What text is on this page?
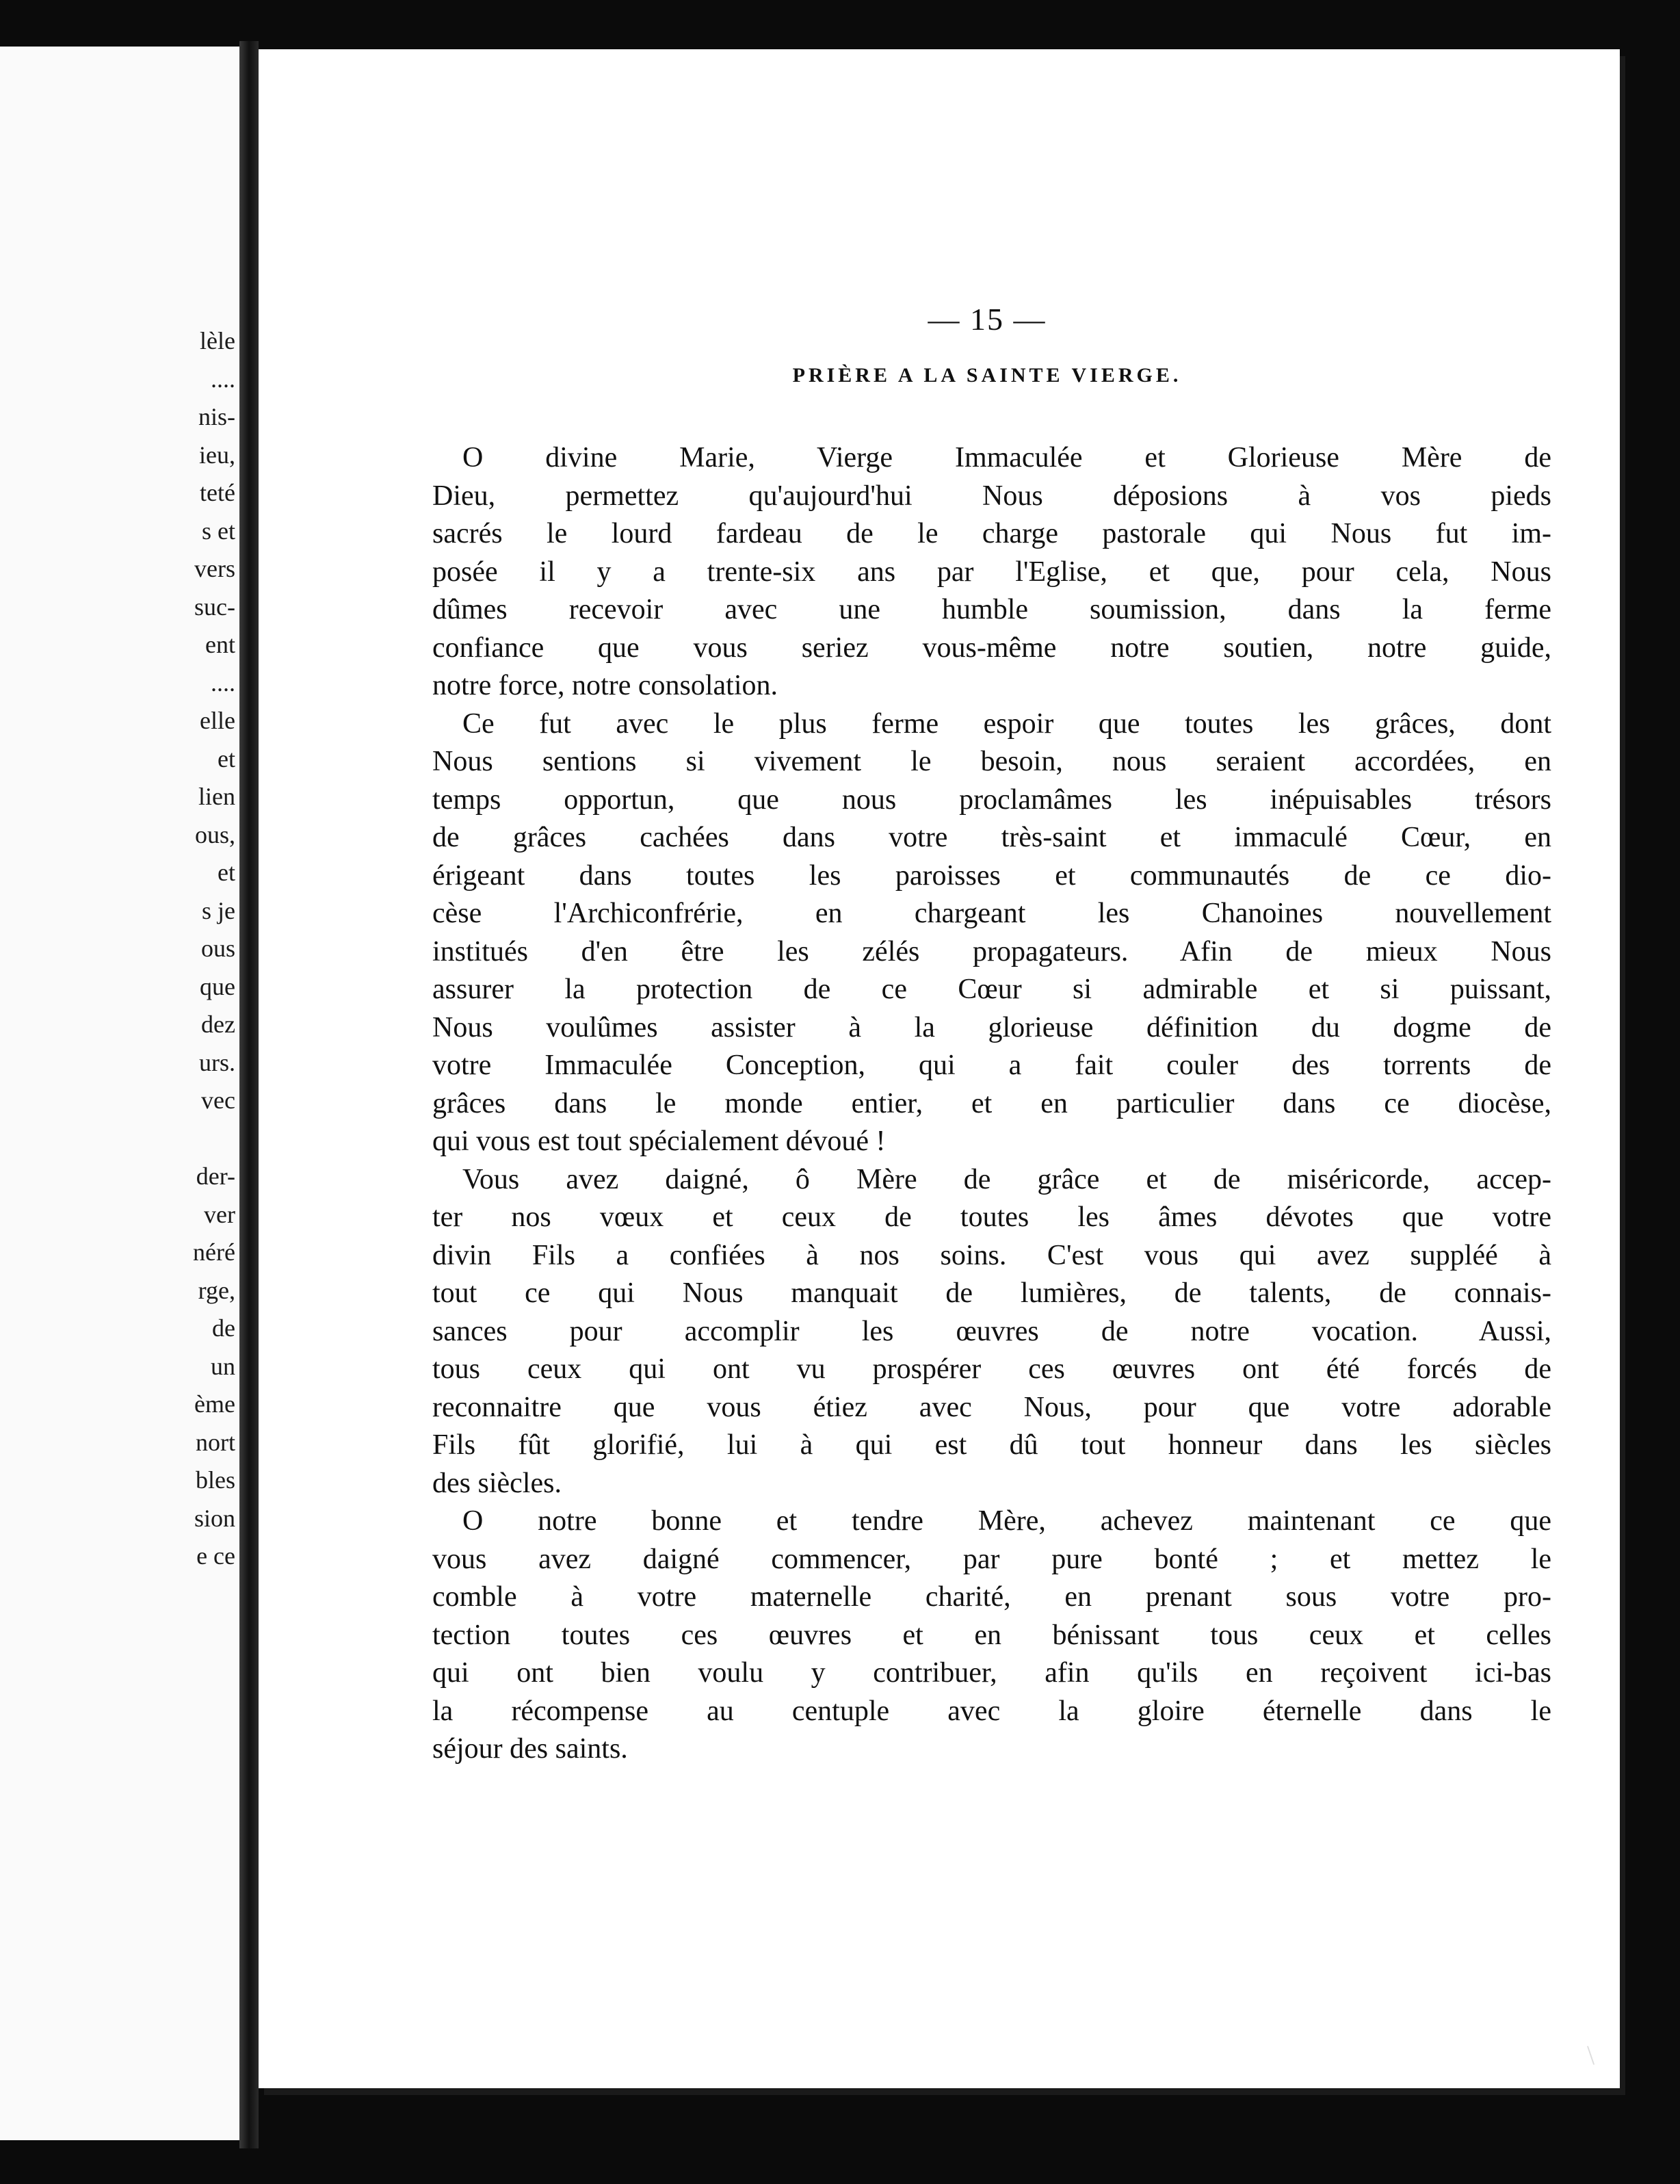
lèle
....
nis-
ieu,
teté
s et
vers
suc-
ent
....
elle
et
lien
ous,
et
s je
ous
que
dez
urs.
vec
der-
ver
néré
rge,
de
un
ème
nort
bles
sion
e ce
— 15 —
PRIÈRE A LA SAINTE VIERGE.
O divine Marie, Vierge Immaculée et Glorieuse Mère de
Dieu, permettez qu'aujourd'hui Nous déposions à vos pieds
sacrés le lourd fardeau de le charge pastorale qui Nous fut im-
posée il y a trente-six ans par l'Eglise, et que, pour cela, Nous
dûmes recevoir avec une humble soumission, dans la ferme
confiance que vous seriez vous-même notre soutien, notre guide,
notre force, notre consolation.
Ce fut avec le plus ferme espoir que toutes les grâces, dont
Nous sentions si vivement le besoin, nous seraient accordées, en
temps opportun, que nous proclamâmes les inépuisables trésors
de grâces cachées dans votre très-saint et immaculé Cœur, en
érigeant dans toutes les paroisses et communautés de ce dio-
cèse l'Archiconfrérie, en chargeant les Chanoines nouvellement
institués d'en être les zélés propagateurs. Afin de mieux Nous
assurer la protection de ce Cœur si admirable et si puissant,
Nous voulûmes assister à la glorieuse définition du dogme de
votre Immaculée Conception, qui a fait couler des torrents de
grâces dans le monde entier, et en particulier dans ce diocèse,
qui vous est tout spécialement dévoué !
Vous avez daigné, ô Mère de grâce et de miséricorde, accep-
ter nos vœux et ceux de toutes les âmes dévotes que votre
divin Fils a confiées à nos soins. C'est vous qui avez suppléé à
tout ce qui Nous manquait de lumières, de talents, de connais-
sances pour accomplir les œuvres de notre vocation. Aussi,
tous ceux qui ont vu prospérer ces œuvres ont été forcés de
reconnaitre que vous étiez avec Nous, pour que votre adorable
Fils fût glorifié, lui à qui est dû tout honneur dans les siècles
des siècles.
O notre bonne et tendre Mère, achevez maintenant ce que
vous avez daigné commencer, par pure bonté ; et mettez le
comble à votre maternelle charité, en prenant sous votre pro-
tection toutes ces œuvres et en bénissant tous ceux et celles
qui ont bien voulu y contribuer, afin qu'ils en reçoivent ici-bas
la récompense au centuple avec la gloire éternelle dans le
séjour des saints.
\
